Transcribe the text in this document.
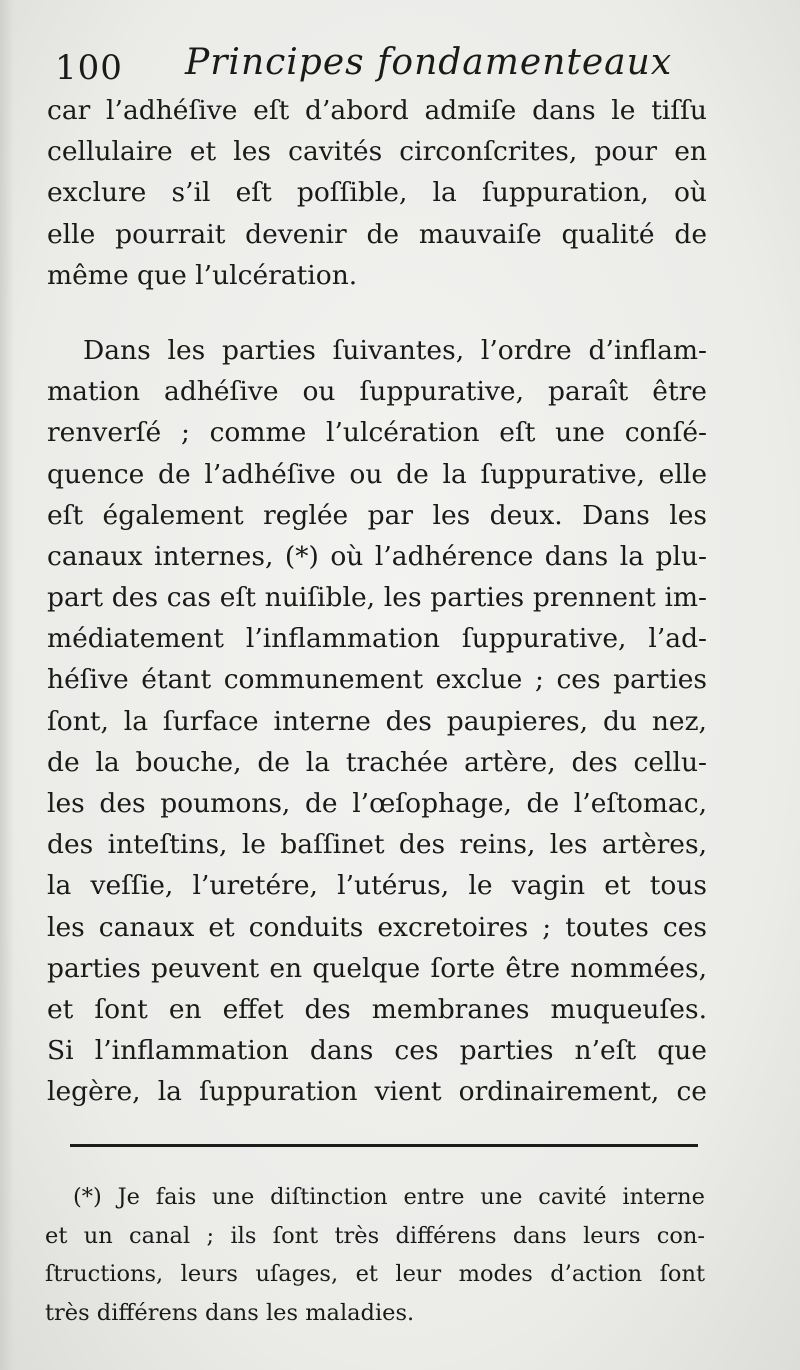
100 Principes fondamenteaux
car l’adhéſive eſt d’abord admiſe dans le tiſſu
cellulaire et les cavités circonſcrites, pour en
exclure s’il eſt poſſible, la ſuppuration, où
elle pourrait devenir de mauvaiſe qualité de
même que l’ulcération.
Dans les parties ſuivantes, l’ordre d’inflam-
mation adhéſive ou ſuppurative, paraît être
renverſé ; comme l’ulcération eſt une conſé-
quence de l’adhéſive ou de la ſuppurative, elle
eſt également reglée par les deux. Dans les
canaux internes, (*) où l’adhérence dans la plu-
part des cas eſt nuiſible, les parties prennent im-
médiatement l’inflammation ſuppurative, l’ad-
héſive étant communement exclue ; ces parties
ſont, la ſurface interne des paupieres, du nez,
de la bouche, de la trachée artère, des cellu-
les des poumons, de l’œſophage, de l’eſtomac,
des inteſtins, le baſſinet des reins, les artères,
la veſſie, l’uretére, l’utérus, le vagin et tous
les canaux et conduits excretoires ; toutes ces
parties peuvent en quelque ſorte être nommées,
et ſont en effet des membranes muqueuſes.
Si l’inflammation dans ces parties n’eſt que
legère, la ſuppuration vient ordinairement, ce
(*) Je fais une diſtinction entre une cavité interne
et un canal ; ils ſont très différens dans leurs con-
ſtructions, leurs uſages, et leur modes d’action ſont
très différens dans les maladies.
